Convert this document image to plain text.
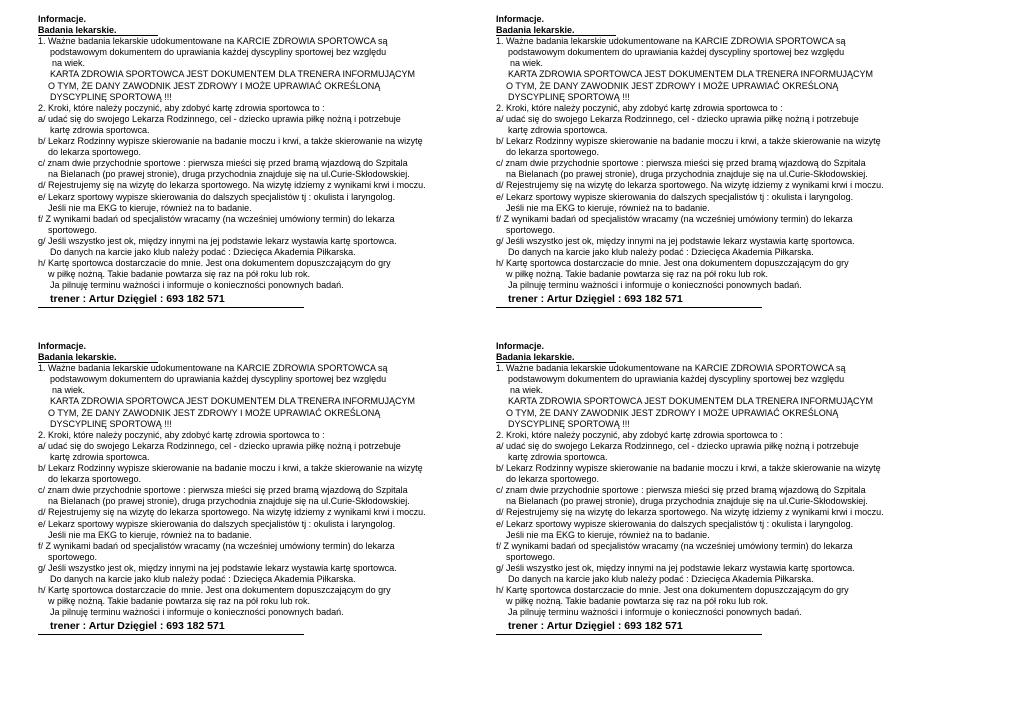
Informacje.
Badania lekarskie.
1. Ważne badania lekarskie udokumentowane na KARCIE ZDROWIA SPORTOWCA są
podstawowym dokumentem do uprawiania każdej dyscypliny sportowej bez względu
na wiek.
KARTA ZDROWIA SPORTOWCA JEST DOKUMENTEM DLA TRENERA INFORMUJĄCYM
O TYM, ŻE DANY ZAWODNIK JEST ZDROWY I MOŻE UPRAWIAĆ OKREŚLONĄ
DYSCYPLINĘ SPORTOWĄ !!!
2. Kroki, które należy poczynić, aby zdobyć kartę zdrowia sportowca to :
a/ udać się do swojego Lekarza Rodzinnego, cel - dziecko uprawia piłkę nożną i potrzebuje
kartę zdrowia sportowca.
b/ Lekarz Rodzinny wypisze skierowanie na badanie moczu i krwi, a także skierowanie na wizytę
do lekarza sportowego.
c/ znam dwie przychodnie sportowe : pierwsza mieści się przed bramą wjazdową do Szpitala
na Bielanach (po prawej stronie), druga przychodnia znajduje się na ul.Curie-Skłodowskiej.
d/ Rejestrujemy się na wizytę do lekarza sportowego. Na wizytę idziemy z wynikami krwi i moczu.
e/ Lekarz sportowy wypisze skierowania do dalszych specjalistów tj : okulista i laryngolog.
Jeśli nie ma EKG to kieruje, również na to badanie.
f/ Z wynikami badań od specjalistów wracamy (na wcześniej umówiony termin) do lekarza
sportowego.
g/ Jeśli wszystko jest ok, między innymi na jej podstawie lekarz wystawia kartę sportowca.
Do danych na karcie jako klub należy podać : Dziecięca Akademia Piłkarska.
h/ Kartę sportowca dostarczacie do mnie. Jest ona dokumentem dopuszczającym do gry
w piłkę nożną. Takie badanie powtarza się raz na pół roku lub rok.
Ja pilnuję terminu ważności i informuje o konieczności ponownych badań.
trener : Artur Dzięgiel : 693 182 571
Informacje.
Badania lekarskie.
1. Ważne badania lekarskie udokumentowane na KARCIE ZDROWIA SPORTOWCA są
podstawowym dokumentem do uprawiania każdej dyscypliny sportowej bez względu
na wiek.
KARTA ZDROWIA SPORTOWCA JEST DOKUMENTEM DLA TRENERA INFORMUJĄCYM
O TYM, ŻE DANY ZAWODNIK JEST ZDROWY I MOŻE UPRAWIAĆ OKREŚLONĄ
DYSCYPLINĘ SPORTOWĄ !!!
2. Kroki, które należy poczynić, aby zdobyć kartę zdrowia sportowca to :
a/ udać się do swojego Lekarza Rodzinnego, cel - dziecko uprawia piłkę nożną i potrzebuje
kartę zdrowia sportowca.
b/ Lekarz Rodzinny wypisze skierowanie na badanie moczu i krwi, a także skierowanie na wizytę
do lekarza sportowego.
c/ znam dwie przychodnie sportowe : pierwsza mieści się przed bramą wjazdową do Szpitala
na Bielanach (po prawej stronie), druga przychodnia znajduje się na ul.Curie-Skłodowskiej.
d/ Rejestrujemy się na wizytę do lekarza sportowego. Na wizytę idziemy z wynikami krwi i moczu.
e/ Lekarz sportowy wypisze skierowania do dalszych specjalistów tj : okulista i laryngolog.
Jeśli nie ma EKG to kieruje, również na to badanie.
f/ Z wynikami badań od specjalistów wracamy (na wcześniej umówiony termin) do lekarza
sportowego.
g/ Jeśli wszystko jest ok, między innymi na jej podstawie lekarz wystawia kartę sportowca.
Do danych na karcie jako klub należy podać : Dziecięca Akademia Piłkarska.
h/ Kartę sportowca dostarczacie do mnie. Jest ona dokumentem dopuszczającym do gry
w piłkę nożną. Takie badanie powtarza się raz na pół roku lub rok.
Ja pilnuję terminu ważności i informuje o konieczności ponownych badań.
trener : Artur Dzięgiel : 693 182 571
Informacje.
Badania lekarskie.
1. Ważne badania lekarskie udokumentowane na KARCIE ZDROWIA SPORTOWCA są
podstawowym dokumentem do uprawiania każdej dyscypliny sportowej bez względu
na wiek.
KARTA ZDROWIA SPORTOWCA JEST DOKUMENTEM DLA TRENERA INFORMUJĄCYM
O TYM, ŻE DANY ZAWODNIK JEST ZDROWY I MOŻE UPRAWIAĆ OKREŚLONĄ
DYSCYPLINĘ SPORTOWĄ !!!
2. Kroki, które należy poczynić, aby zdobyć kartę zdrowia sportowca to :
a/ udać się do swojego Lekarza Rodzinnego, cel - dziecko uprawia piłkę nożną i potrzebuje
kartę zdrowia sportowca.
b/ Lekarz Rodzinny wypisze skierowanie na badanie moczu i krwi, a także skierowanie na wizytę
do lekarza sportowego.
c/ znam dwie przychodnie sportowe : pierwsza mieści się przed bramą wjazdową do Szpitala
na Bielanach (po prawej stronie), druga przychodnia znajduje się na ul.Curie-Skłodowskiej.
d/ Rejestrujemy się na wizytę do lekarza sportowego. Na wizytę idziemy z wynikami krwi i moczu.
e/ Lekarz sportowy wypisze skierowania do dalszych specjalistów tj : okulista i laryngolog.
Jeśli nie ma EKG to kieruje, również na to badanie.
f/ Z wynikami badań od specjalistów wracamy (na wcześniej umówiony termin) do lekarza
sportowego.
g/ Jeśli wszystko jest ok, między innymi na jej podstawie lekarz wystawia kartę sportowca.
Do danych na karcie jako klub należy podać : Dziecięca Akademia Piłkarska.
h/ Kartę sportowca dostarczacie do mnie. Jest ona dokumentem dopuszczającym do gry
w piłkę nożną. Takie badanie powtarza się raz na pół roku lub rok.
Ja pilnuję terminu ważności i informuje o konieczności ponownych badań.
trener : Artur Dzięgiel : 693 182 571
Informacje.
Badania lekarskie.
1. Ważne badania lekarskie udokumentowane na KARCIE ZDROWIA SPORTOWCA są
podstawowym dokumentem do uprawiania każdej dyscypliny sportowej bez względu
na wiek.
KARTA ZDROWIA SPORTOWCA JEST DOKUMENTEM DLA TRENERA INFORMUJĄCYM
O TYM, ŻE DANY ZAWODNIK JEST ZDROWY I MOŻE UPRAWIAĆ OKREŚLONĄ
DYSCYPLINĘ SPORTOWĄ !!!
2. Kroki, które należy poczynić, aby zdobyć kartę zdrowia sportowca to :
a/ udać się do swojego Lekarza Rodzinnego, cel - dziecko uprawia piłkę nożną i potrzebuje
kartę zdrowia sportowca.
b/ Lekarz Rodzinny wypisze skierowanie na badanie moczu i krwi, a także skierowanie na wizytę
do lekarza sportowego.
c/ znam dwie przychodnie sportowe : pierwsza mieści się przed bramą wjazdową do Szpitala
na Bielanach (po prawej stronie), druga przychodnia znajduje się na ul.Curie-Skłodowskiej.
d/ Rejestrujemy się na wizytę do lekarza sportowego. Na wizytę idziemy z wynikami krwi i moczu.
e/ Lekarz sportowy wypisze skierowania do dalszych specjalistów tj : okulista i laryngolog.
Jeśli nie ma EKG to kieruje, również na to badanie.
f/ Z wynikami badań od specjalistów wracamy (na wcześniej umówiony termin) do lekarza
sportowego.
g/ Jeśli wszystko jest ok, między innymi na jej podstawie lekarz wystawia kartę sportowca.
Do danych na karcie jako klub należy podać : Dziecięca Akademia Piłkarska.
h/ Kartę sportowca dostarczacie do mnie. Jest ona dokumentem dopuszczającym do gry
w piłkę nożną. Takie badanie powtarza się raz na pół roku lub rok.
Ja pilnuję terminu ważności i informuje o konieczności ponownych badań.
trener : Artur Dzięgiel : 693 182 571
